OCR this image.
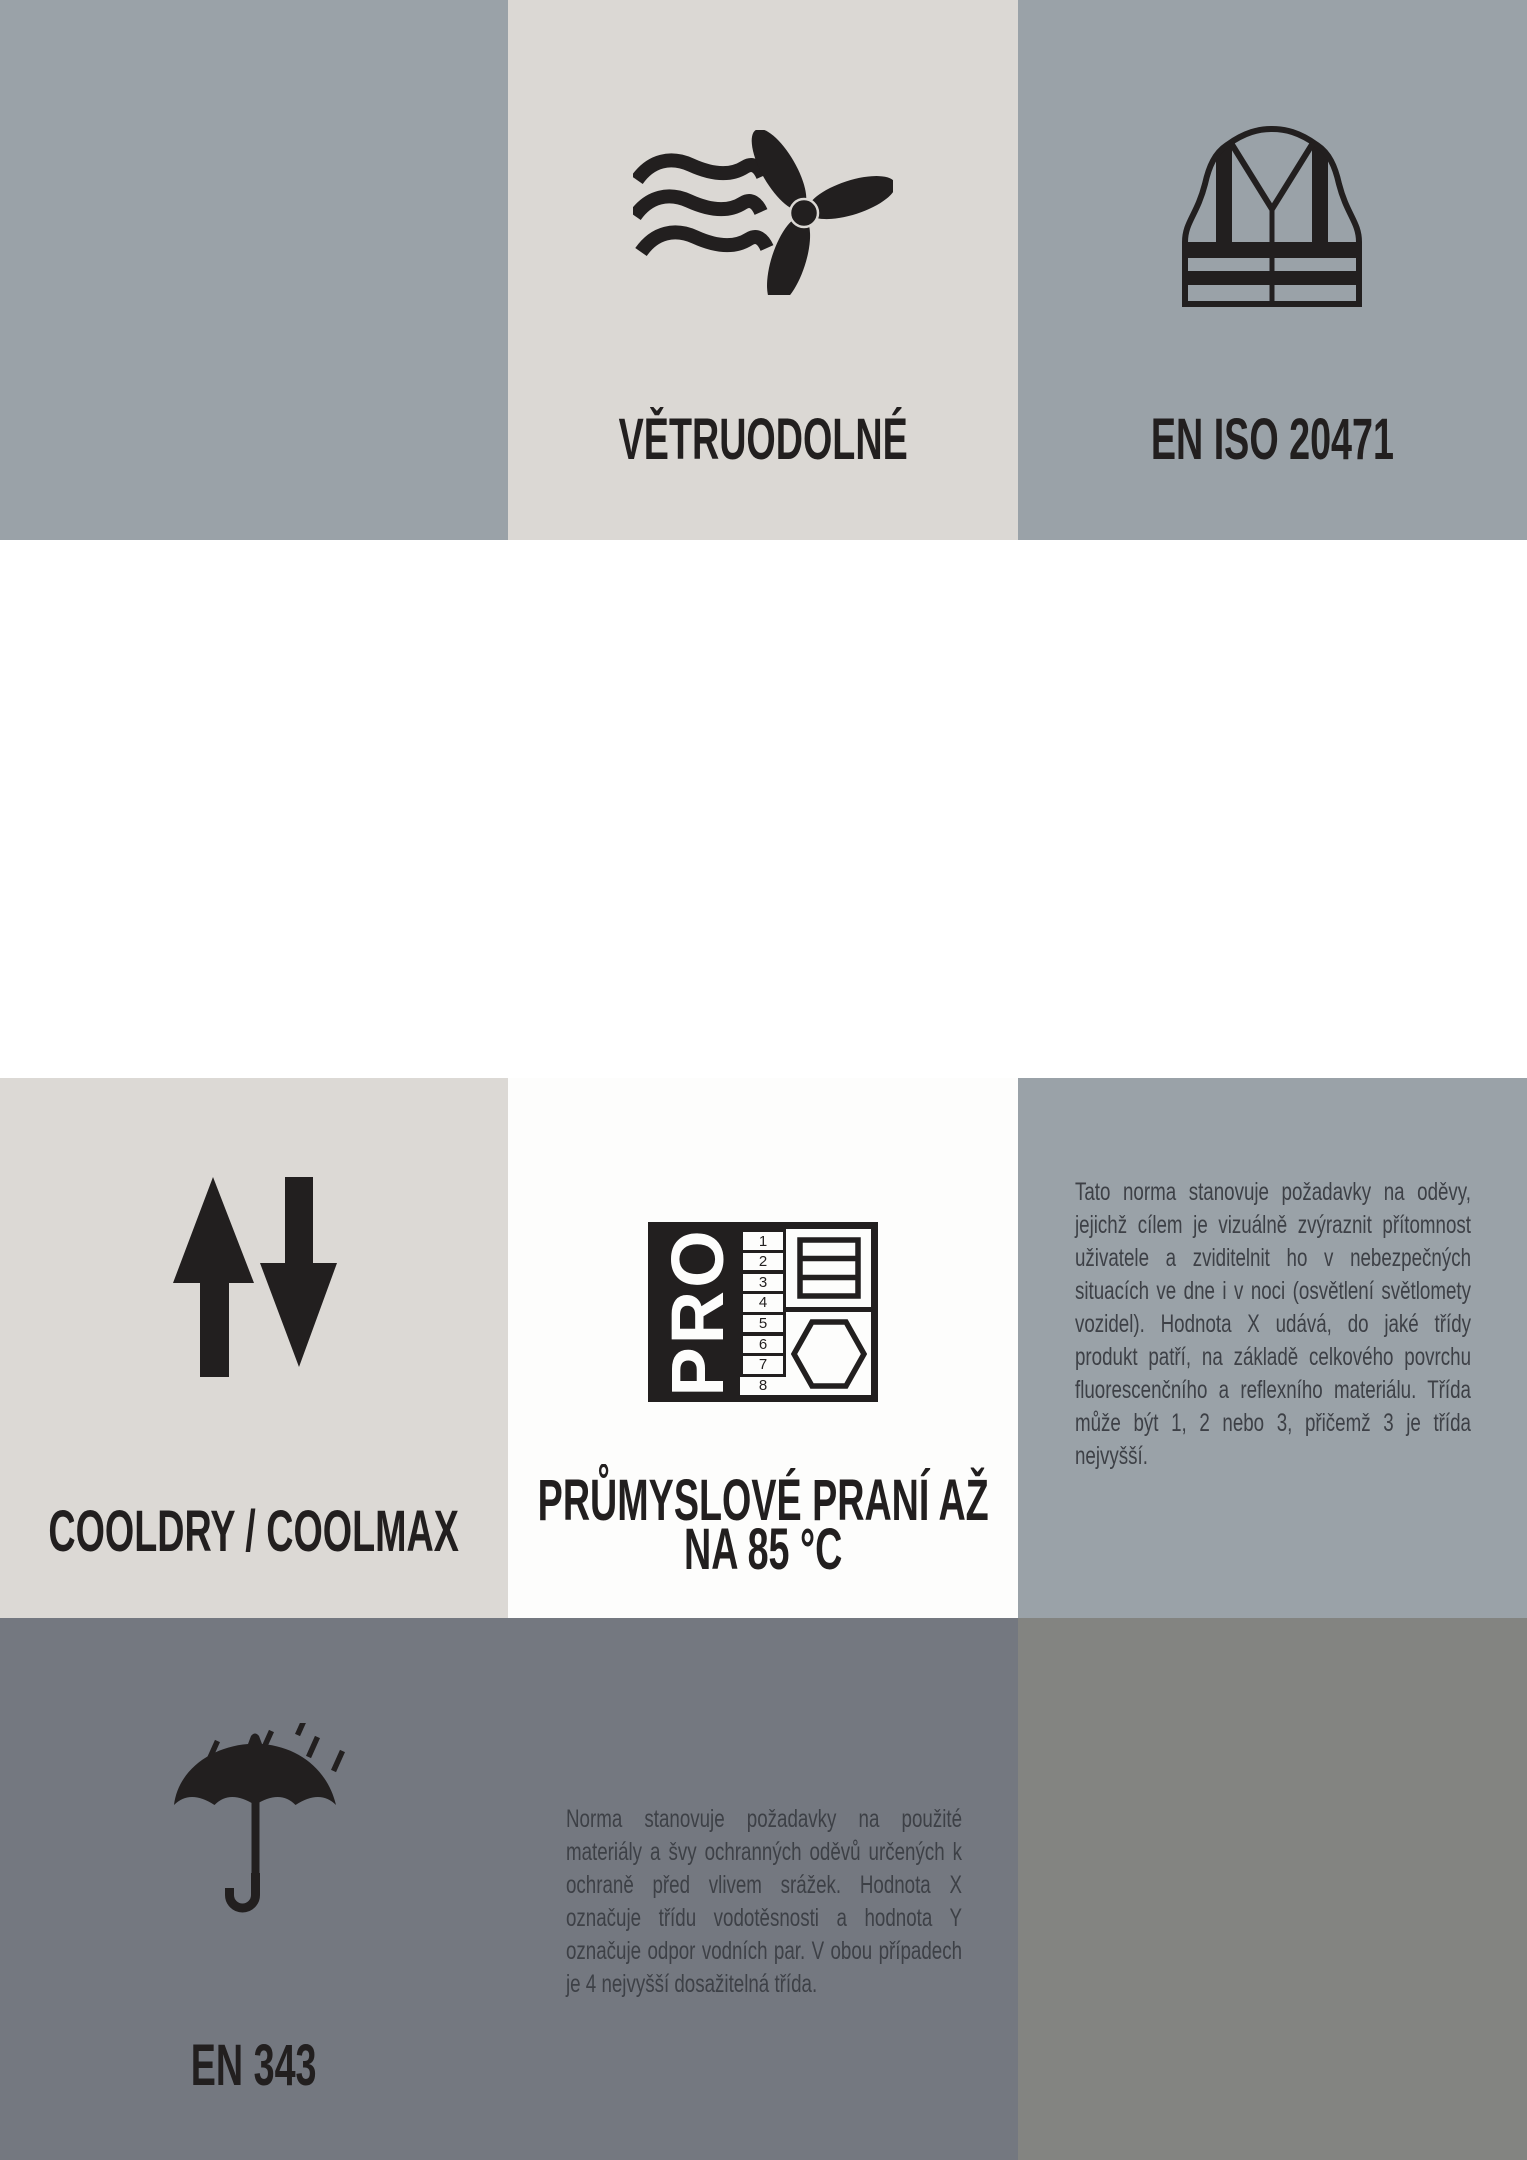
VĚTRUODOLNÉ	EN ISO 20471
COOLDRY / COOLMAX
PRO	1
2
3
4
5
6
7
8
PRŮMYSLOVÉ PRANÍ AŽ
NA 85 °C

Tato norma stanovuje požadavky na oděvy, jejichž cílem je vizuálně zvýraznit přítomnost uživatele a zviditelnit ho v nebezpečných situacích ve dne i v noci (osvětlení světlomety vozidel). Hodnota X udává, do jaké třídy produkt patří, na základě celkového povrchu fluorescenčního a reflexního materiálu. Třída může být 1, 2 nebo 3, přičemž 3 je třída nejvyšší.

EN 343

Norma stanovuje požadavky na použité materiály a švy ochranných oděvů určených k ochraně před vlivem srážek. Hodnota X označuje třídu vodotěsnosti a hodnota Y označuje odpor vodních par. V obou případech je 4 nejvyšší dosažitelná třída.
